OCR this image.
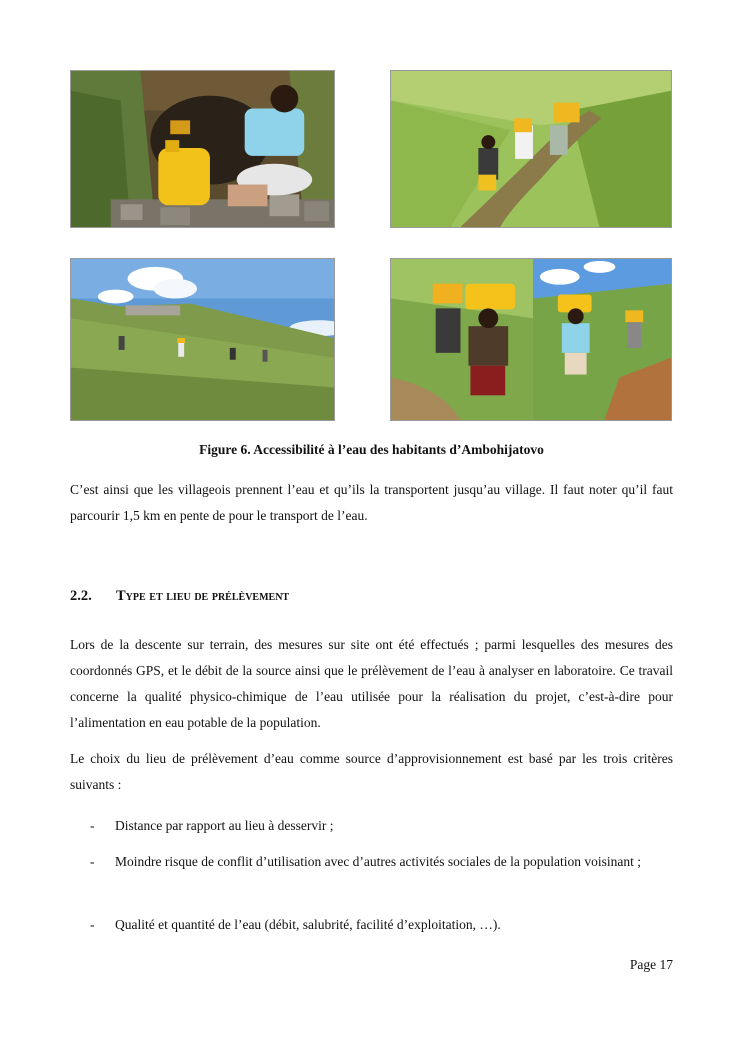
Figure 6. Accessibilité à l’eau des habitants d’Ambohijatovo

C’est ainsi que les villageois prennent l’eau et qu’ils la transportent jusqu’au village. Il faut noter qu’il faut parcourir 1,5 km en pente de pour le transport de l’eau.

2.2. Type et lieu de prélèvement

Lors de la descente sur terrain, des mesures sur site ont été effectués ; parmi lesquelles des mesures des coordonnés GPS, et le débit de la source ainsi que le prélèvement de l’eau à analyser en laboratoire. Ce travail concerne la qualité physico-chimique de l’eau utilisée pour la réalisation du projet, c’est-à-dire pour l’alimentation en eau potable de la population.

Le choix du lieu de prélèvement d’eau comme source d’approvisionnement est basé par les trois critères suivants :

-	Distance par rapport au lieu à desservir ;
-	Moindre risque de conflit d’utilisation avec d’autres activités sociales de la population voisinant ;
-	Qualité et quantité de l’eau (débit, salubrité, facilité d’exploitation, …).
Page 17
